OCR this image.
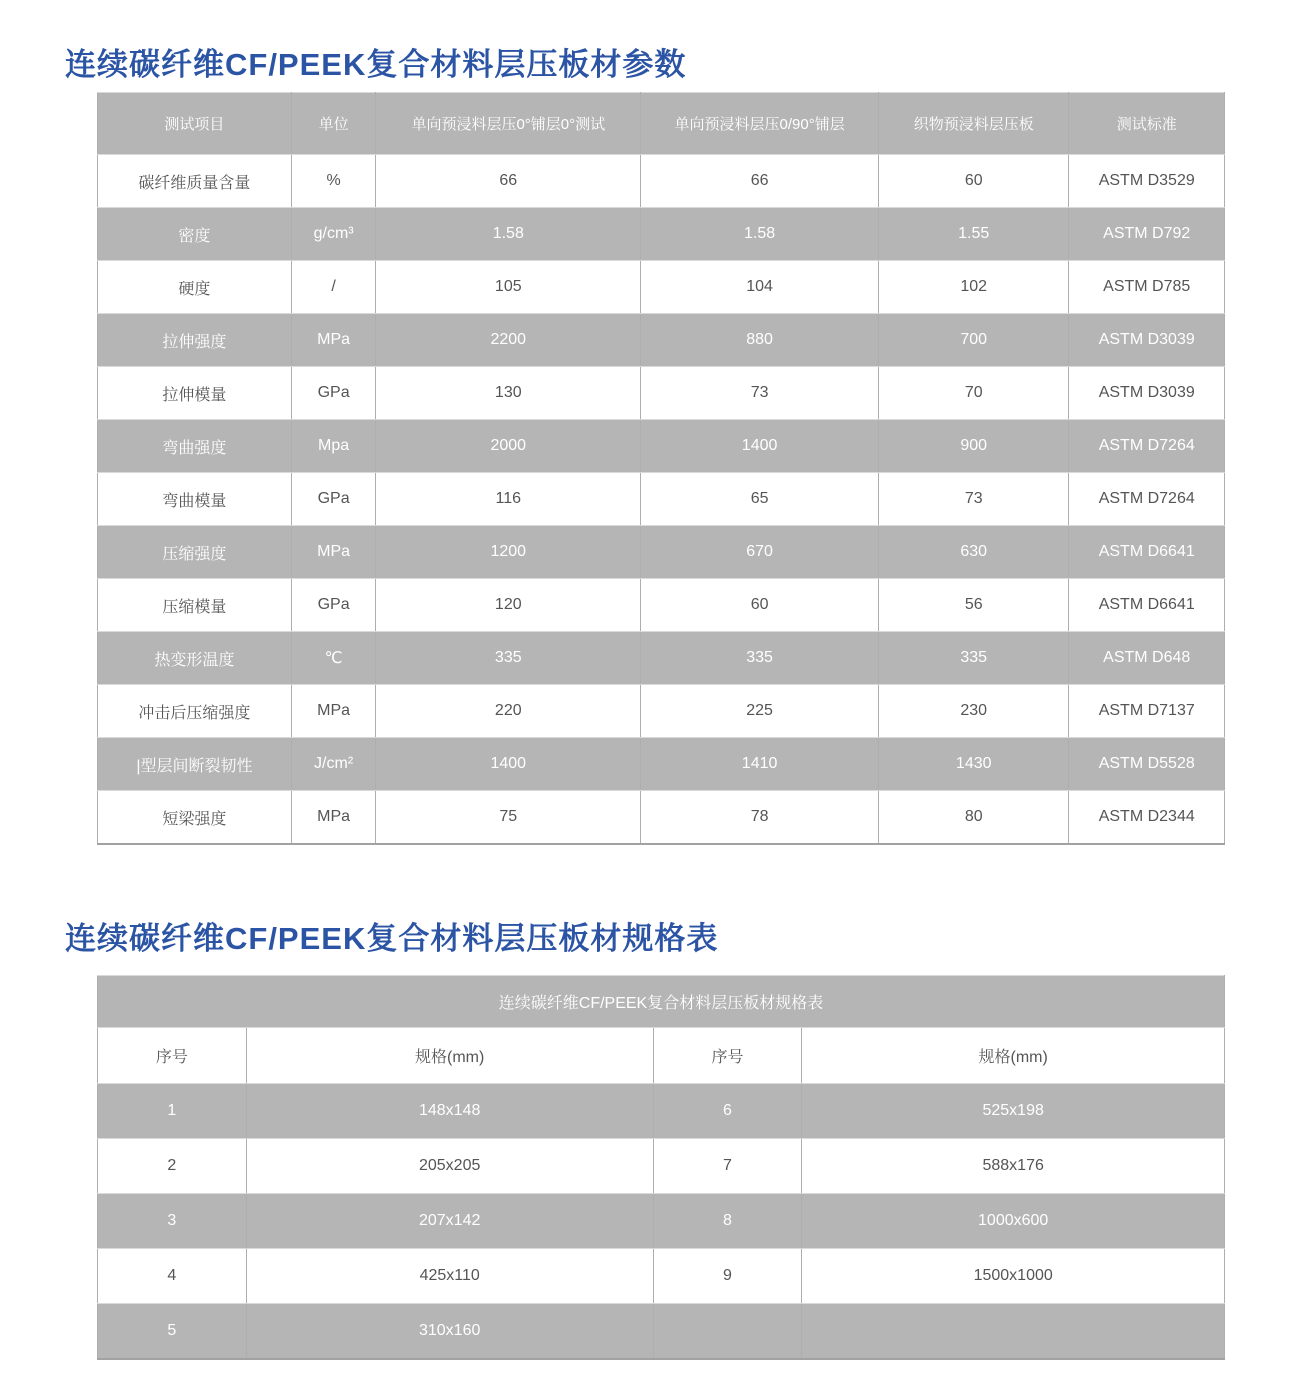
连续碳纤维CF/PEEK复合材料层压板材参数
测试项目	单位	单向预浸料层压0°铺层0°测试	单向预浸料层压0/90°铺层	织物预浸料层压板	测试标准
碳纤维质量含量	%	66	66	60	ASTM D3529
密度	g/cm³	1.58	1.58	1.55	ASTM D792
硬度	/	105	104	102	ASTM D785
拉伸强度	MPa	2200	880	700	ASTM D3039
拉伸模量	GPa	130	73	70	ASTM D3039
弯曲强度	Mpa	2000	1400	900	ASTM D7264
弯曲模量	GPa	116	65	73	ASTM D7264
压缩强度	MPa	1200	670	630	ASTM D6641
压缩模量	GPa	120	60	56	ASTM D6641
热变形温度	℃	335	335	335	ASTM D648
冲击后压缩强度	MPa	220	225	230	ASTM D7137
|型层间断裂韧性	J/cm²	1400	1410	1430	ASTM D5528
短梁强度	MPa	75	78	80	ASTM D2344
连续碳纤维CF/PEEK复合材料层压板材规格表
连续碳纤维CF/PEEK复合材料层压板材规格表			
序号	规格(mm)	序号	规格(mm)
1	148x148	6	525x198
2	205x205	7	588x176
3	207x142	8	1000x600
4	425x110	9	1500x1000
5	310x160		
